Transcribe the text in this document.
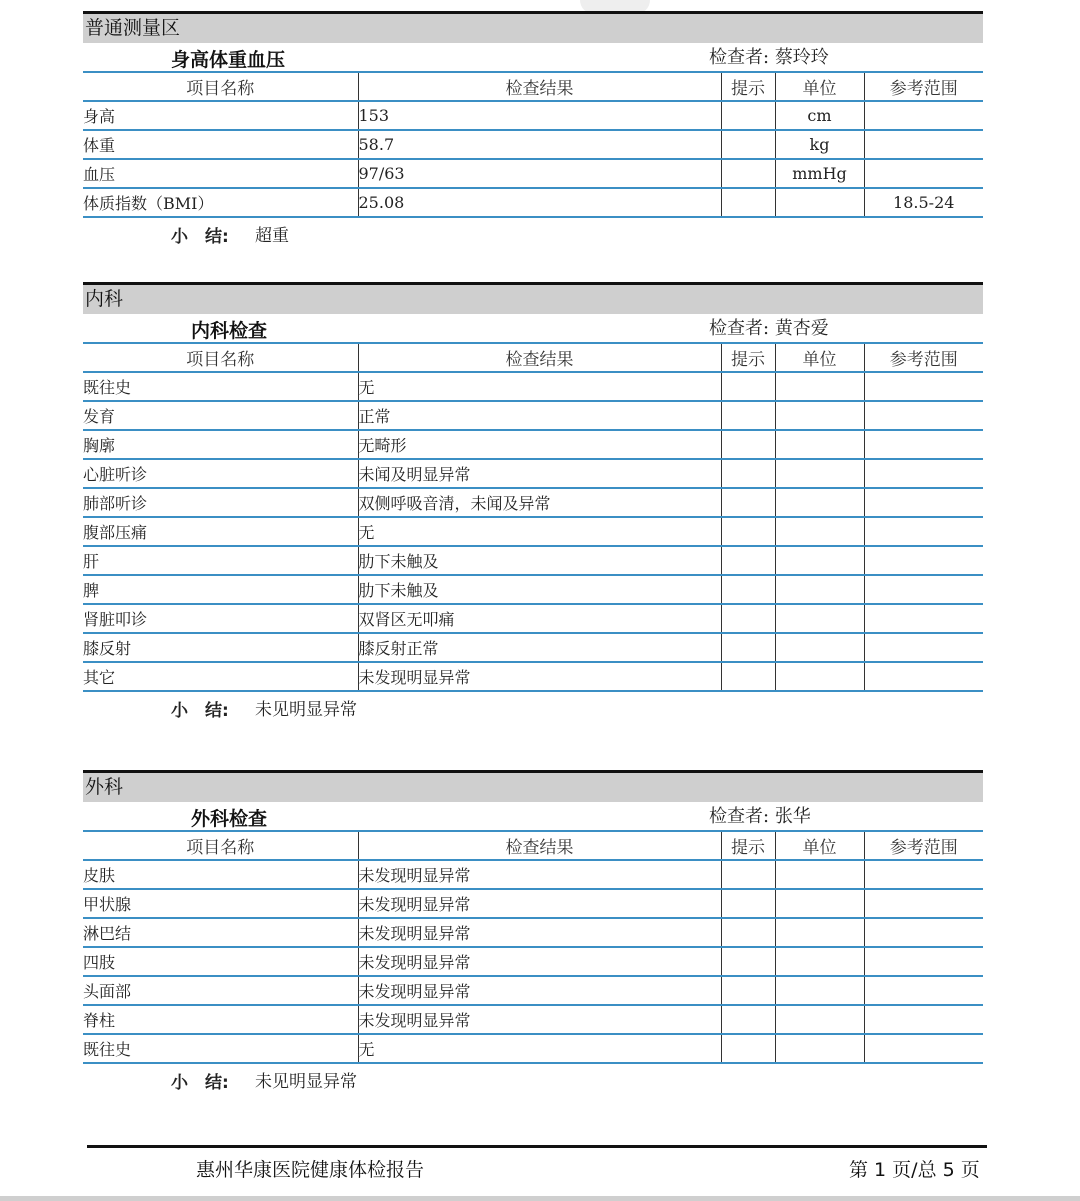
普通测量区
身高体重血压	检查者: 蔡玲玲
项目名称	检查结果	提示	单位	参考范围
身高	153		cm	
体重	58.7		kg	
血压	97/63		mmHg	
体质指数（BMI）	25.08			18.5-24
小　结: 超重
内科
内科检查	检查者: 黄杏爱
项目名称	检查结果	提示	单位	参考范围
既往史	无			
发育	正常			
胸廓	无畸形			
心脏听诊	未闻及明显异常			
肺部听诊	双侧呼吸音清，未闻及异常			
腹部压痛	无			
肝	肋下未触及			
脾	肋下未触及			
肾脏叩诊	双肾区无叩痛			
膝反射	膝反射正常			
其它	未发现明显异常			
小　结: 未见明显异常
外科
外科检查	检查者: 张华
项目名称	检查结果	提示	单位	参考范围
皮肤	未发现明显异常			
甲状腺	未发现明显异常			
淋巴结	未发现明显异常			
四肢	未发现明显异常			
头面部	未发现明显异常			
脊柱	未发现明显异常			
既往史	无			
小　结: 未见明显异常
惠州华康医院健康体检报告	第 1 页/总 5 页
